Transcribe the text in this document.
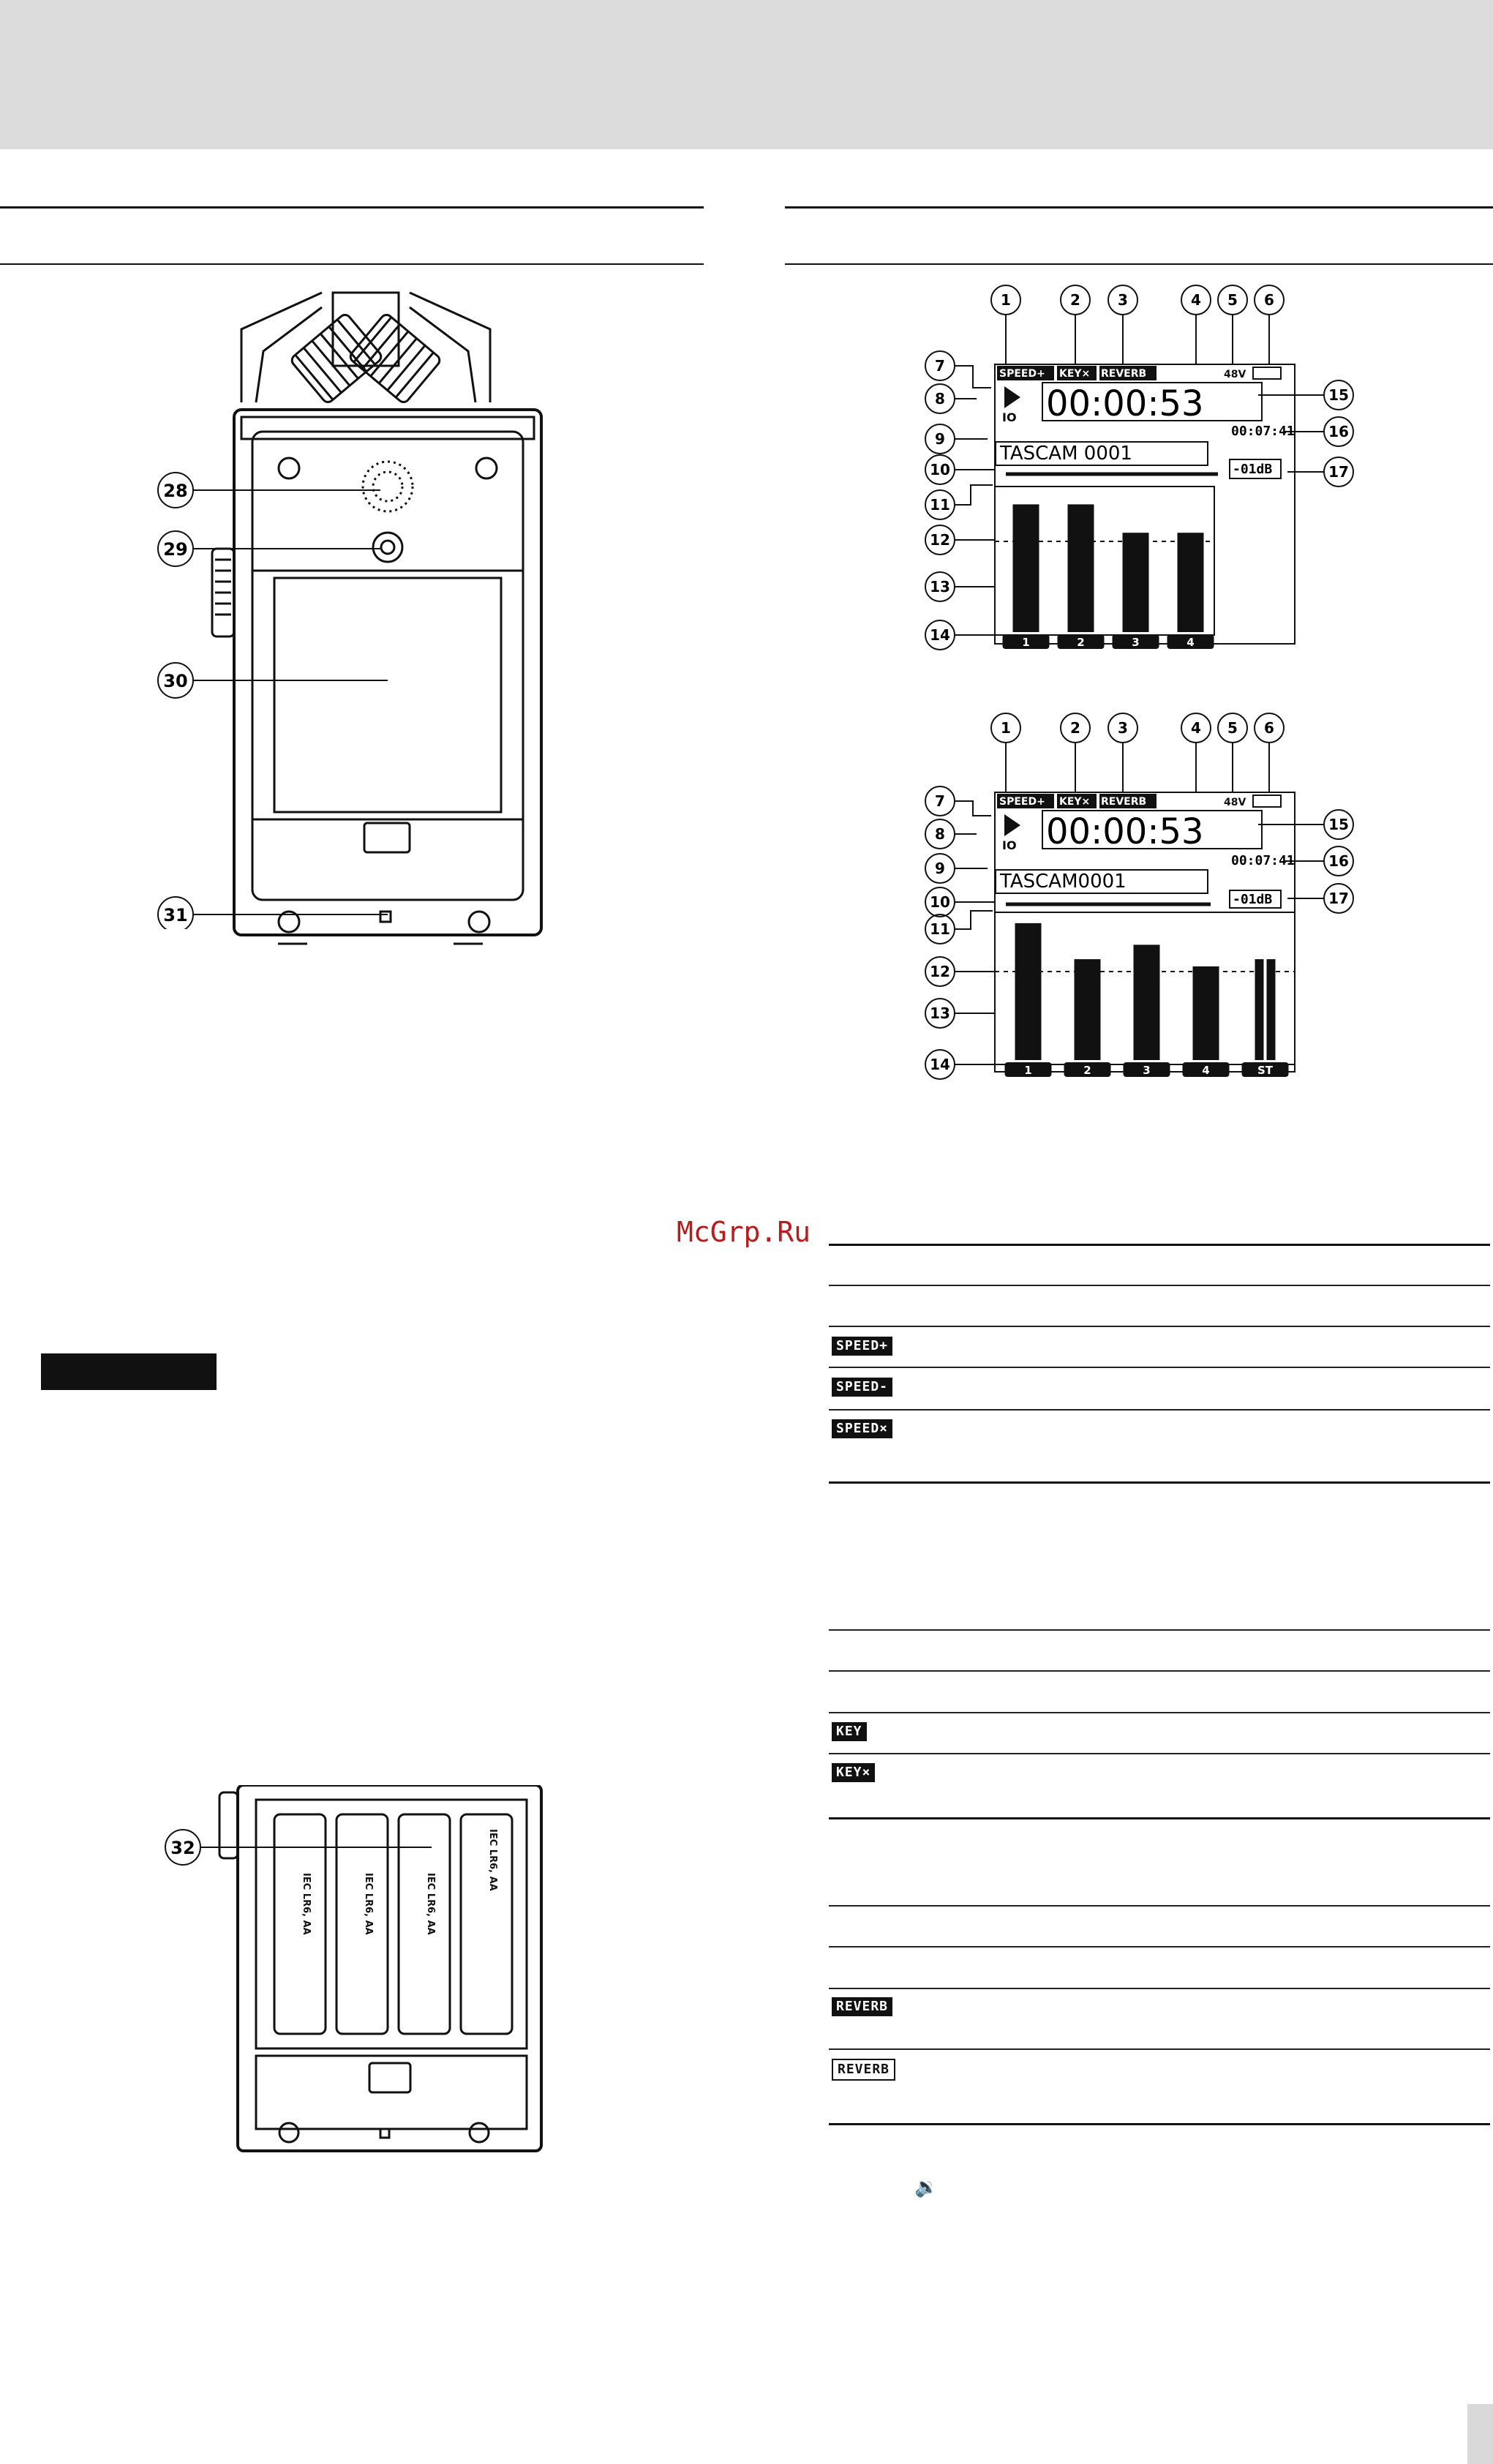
28
29
30
31
IEC LR6, AA	IEC LR6, AA	IEC LR6, AA
IEC LR6, AA
32
SPEED+ KEY× REVERB	48V
IO 00:00:53
00:07:41
TASCAM 0001
-01dB
1	2	3	4
1	2	3	4 5 6
7
8
9
10
11
12
13
14
15
16
17
SPEED+ KEY× REVERB	48V
IO 00:00:53
00:07:41
TASCAM0001
-01dB
1	2	3	4	ST
1	2	3	4 5 6
7
8
9
10
11
12
13
14
15
16
17
McGrp.Ru
SPEED+
SPEED-
SPEED×
KEY
KEY×
REVERB
REVERB
🔉
